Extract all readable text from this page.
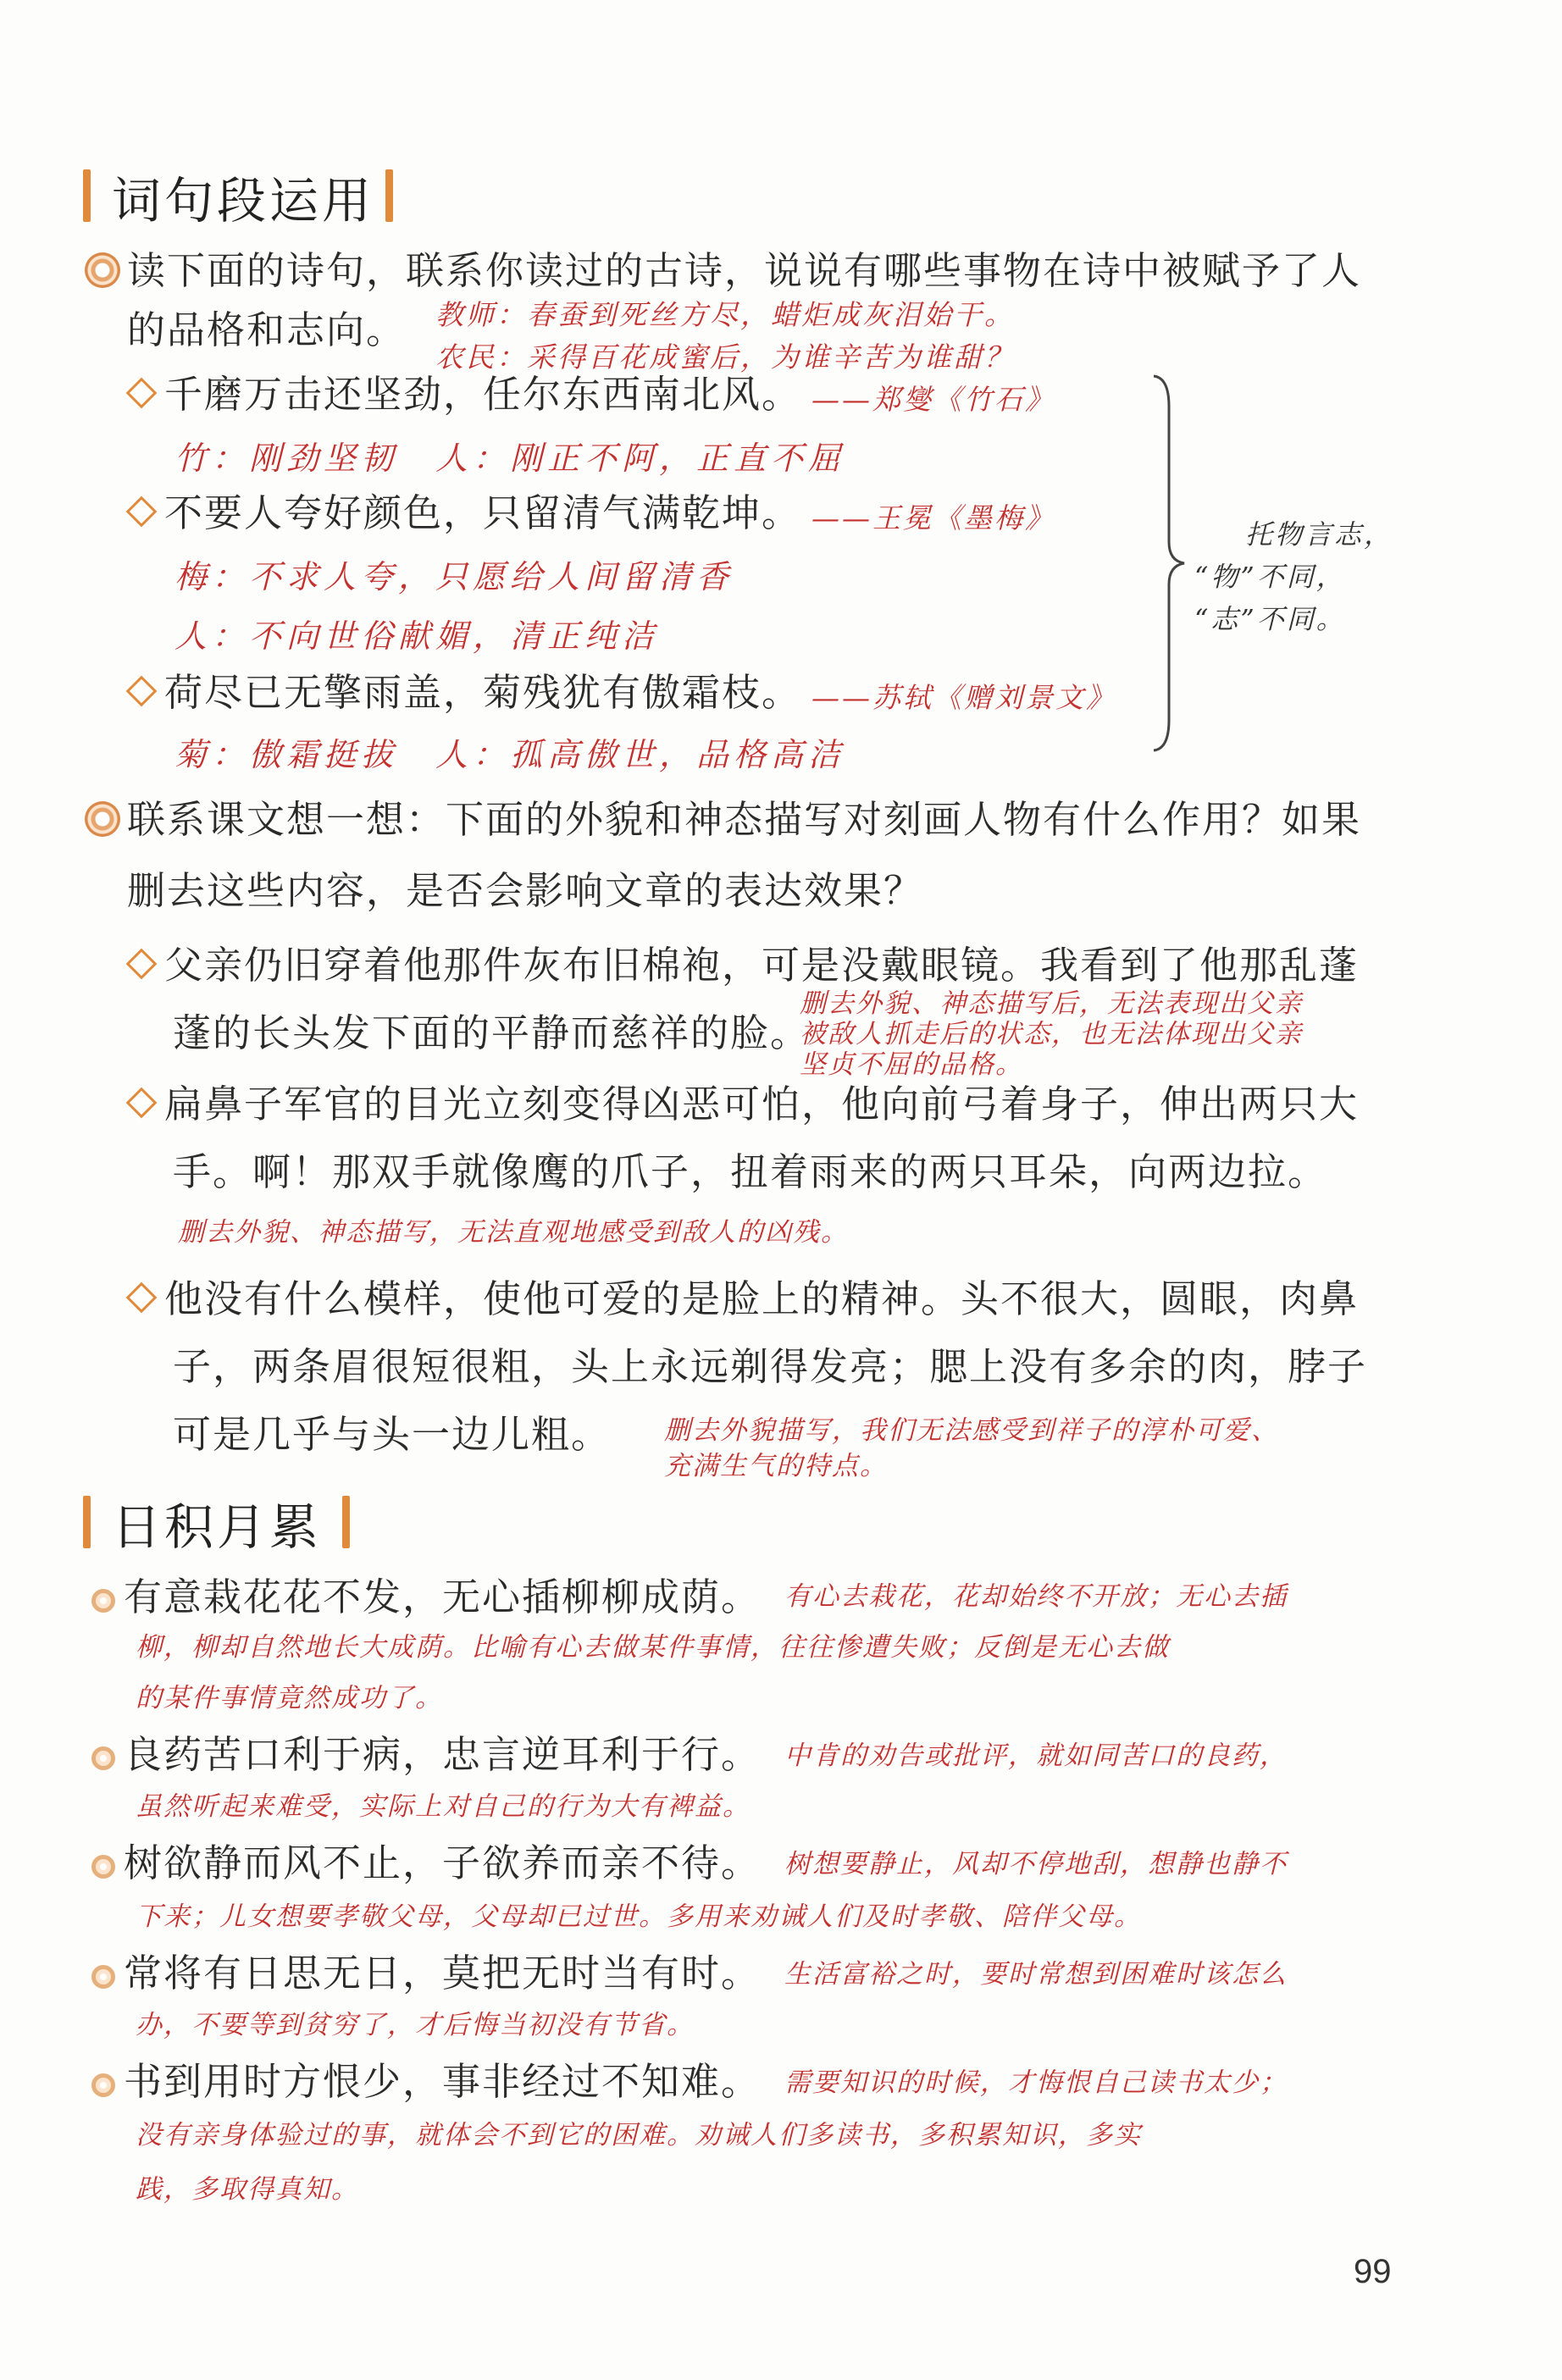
词句段运用
读下面的诗句，联系你读过的古诗，说说有哪些事物在诗中被赋予了人
的品格和志向。 教师：春蚕到死丝方尽，蜡炬成灰泪始干。
农民：采得百花成蜜后，为谁辛苦为谁甜？
千磨万击还坚劲，任尔东西南北风。 ——郑燮《竹石》
竹：刚劲坚韧　人：刚正不阿，正直不屈
不要人夸好颜色，只留清气满乾坤。 ——王冕《墨梅》
梅：不求人夸，只愿给人间留清香
人：不向世俗献媚，清正纯洁
荷尽已无擎雨盖，菊残犹有傲霜枝。 ——苏轼《赠刘景文》
菊：傲霜挺拔　人：孤高傲世，品格高洁
托物言志，
“物”不同，
“志”不同。
联系课文想一想：下面的外貌和神态描写对刻画人物有什么作用？如果
删去这些内容，是否会影响文章的表达效果？
父亲仍旧穿着他那件灰布旧棉袍，可是没戴眼镜。我看到了他那乱蓬
蓬的长头发下面的平静而慈祥的脸。
删去外貌、神态描写后，无法表现出父亲
被敌人抓走后的状态，也无法体现出父亲
坚贞不屈的品格。
扁鼻子军官的目光立刻变得凶恶可怕，他向前弓着身子，伸出两只大
手。啊！那双手就像鹰的爪子，扭着雨来的两只耳朵，向两边拉。
删去外貌、神态描写，无法直观地感受到敌人的凶残。
他没有什么模样，使他可爱的是脸上的精神。头不很大，圆眼，肉鼻
子，两条眉很短很粗，头上永远剃得发亮；腮上没有多余的肉，脖子
可是几乎与头一边儿粗。 删去外貌描写，我们无法感受到祥子的淳朴可爱、
充满生气的特点。
日积月累
有意栽花花不发，无心插柳柳成荫。 有心去栽花，花却始终不开放；无心去插
柳，柳却自然地长大成荫。比喻有心去做某件事情，往往惨遭失败；反倒是无心去做
的某件事情竟然成功了。
良药苦口利于病，忠言逆耳利于行。 中肯的劝告或批评，就如同苦口的良药，
虽然听起来难受，实际上对自己的行为大有裨益。
树欲静而风不止，子欲养而亲不待。 树想要静止，风却不停地刮，想静也静不
下来；儿女想要孝敬父母，父母却已过世。多用来劝诫人们及时孝敬、陪伴父母。
常将有日思无日，莫把无时当有时。 生活富裕之时，要时常想到困难时该怎么
办，不要等到贫穷了，才后悔当初没有节省。
书到用时方恨少，事非经过不知难。 需要知识的时候，才悔恨自己读书太少；
没有亲身体验过的事，就体会不到它的困难。劝诫人们多读书，多积累知识，多实
践，多取得真知。
99
